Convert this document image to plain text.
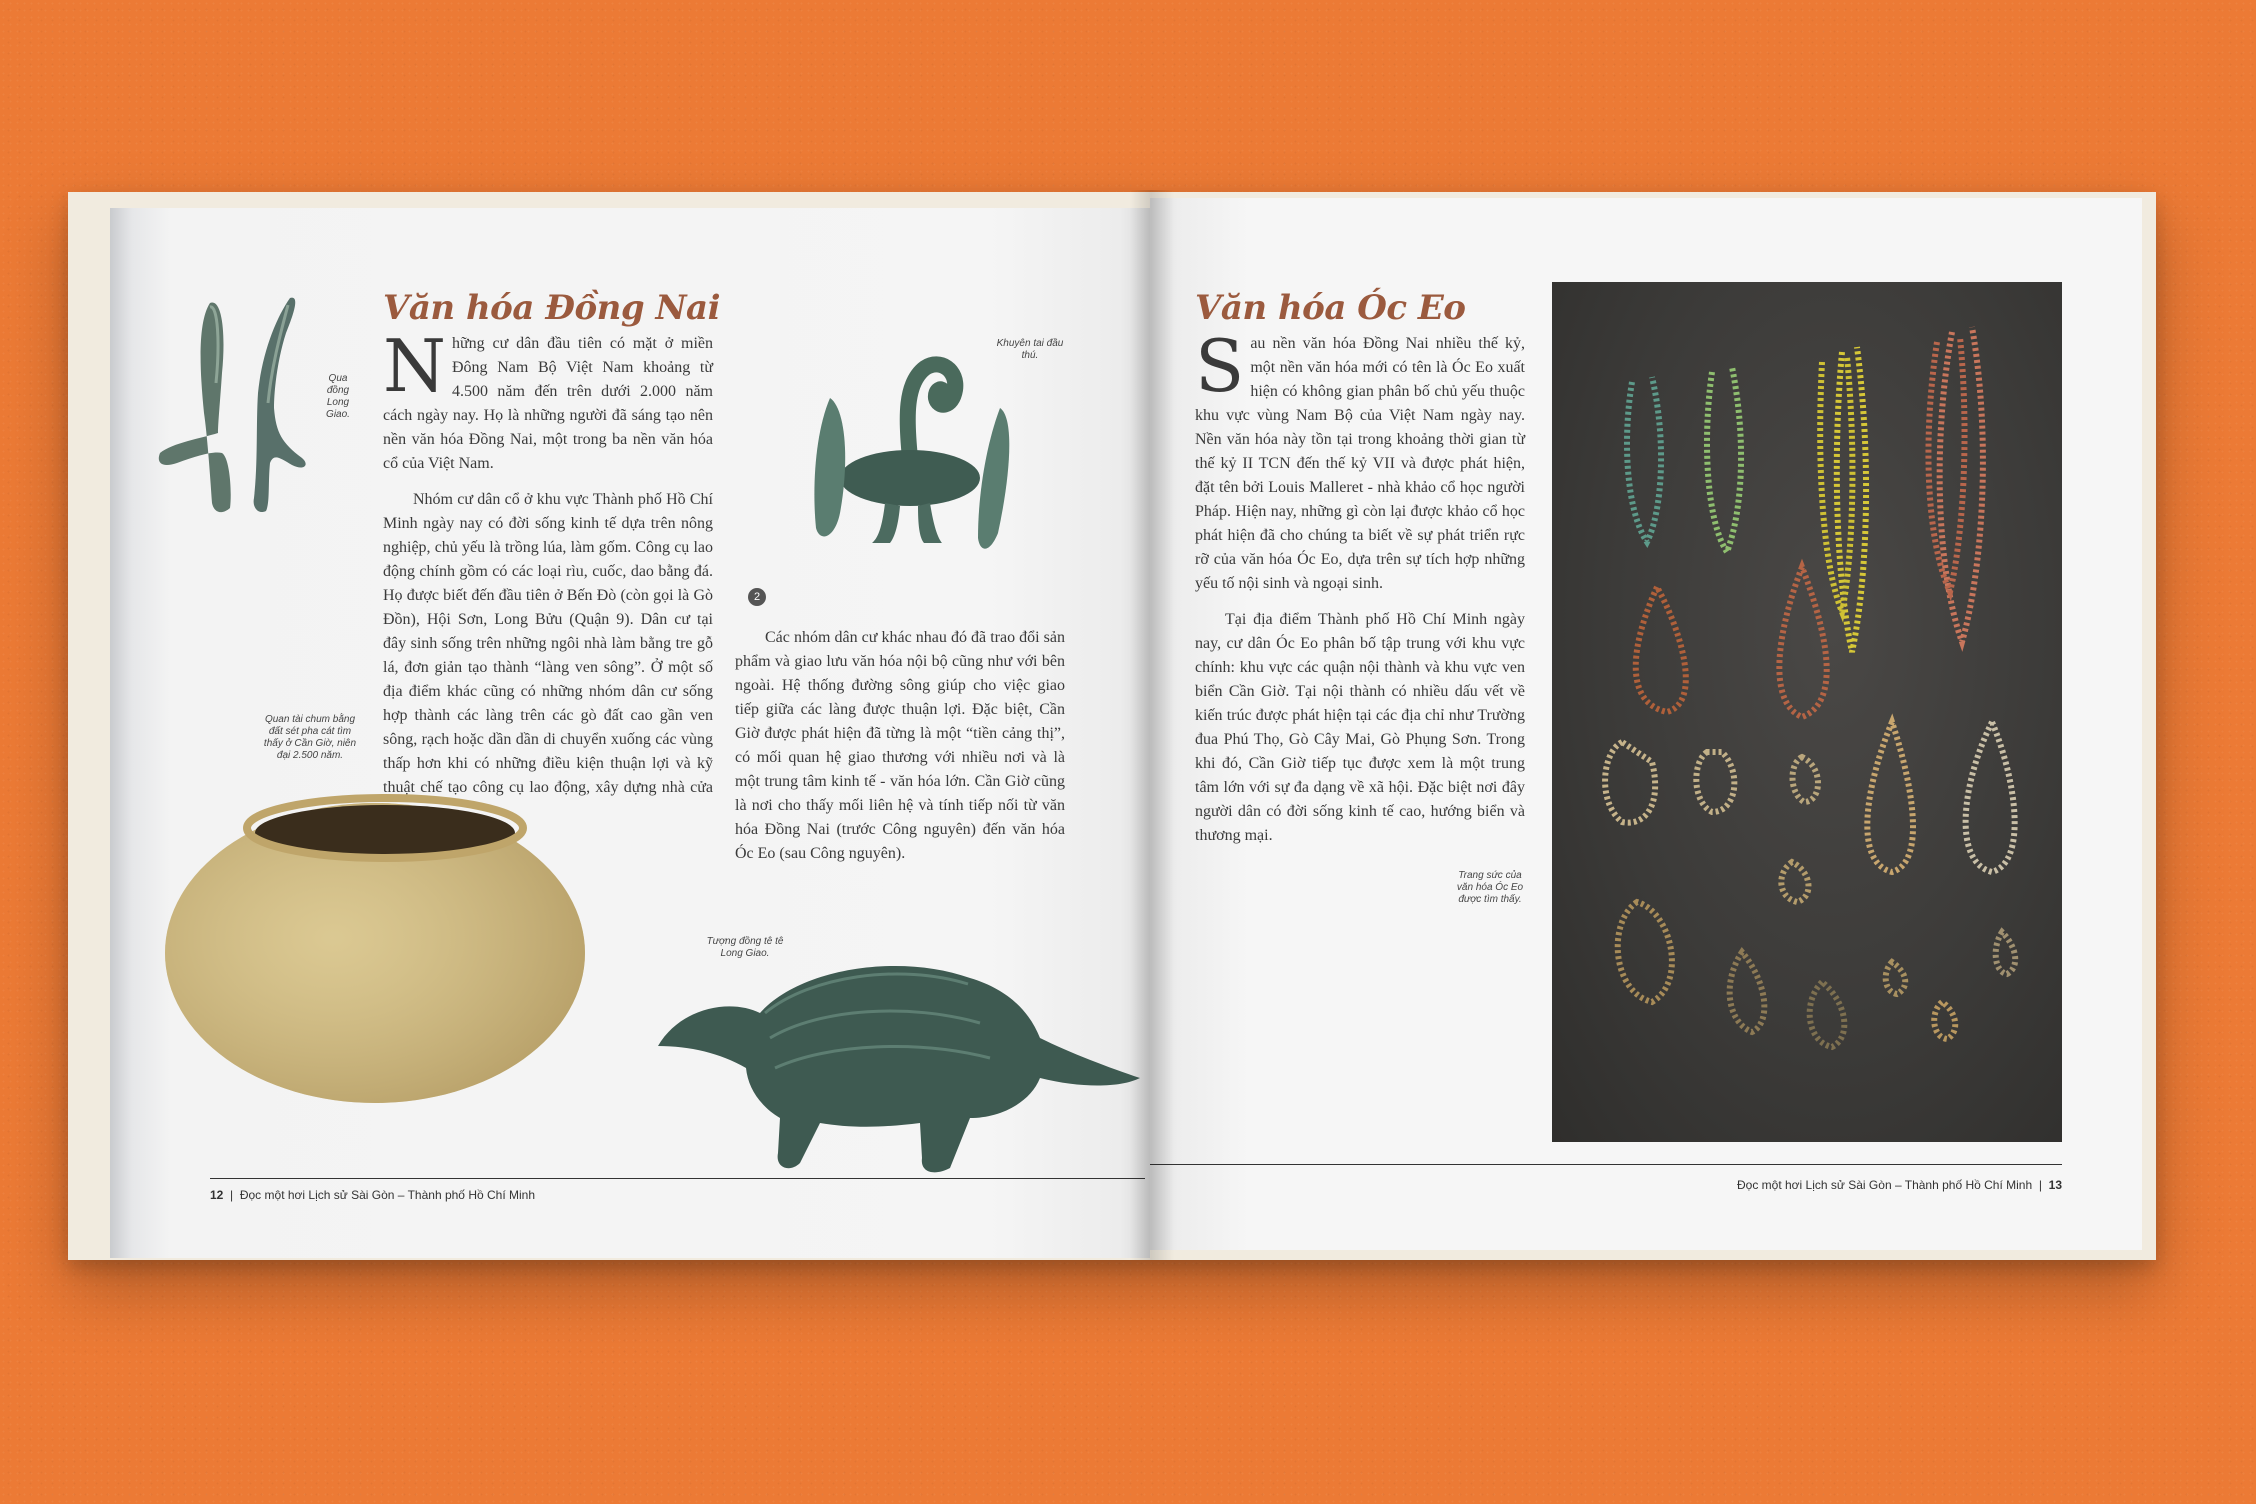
Qua đồng Long Giao.
Văn hóa Đồng Nai

Những cư dân đầu tiên có mặt ở miền Đông Nam Bộ Việt Nam khoảng từ 4.500 năm đến trên dưới 2.000 năm cách ngày nay. Họ là những người đã sáng tạo nên nền văn hóa Đồng Nai, một trong ba nền văn hóa cổ của Việt Nam.

Nhóm cư dân cổ ở khu vực Thành phố Hồ Chí Minh ngày nay có đời sống kinh tế dựa trên nông nghiệp, chủ yếu là trồng lúa, làm gốm. Công cụ lao động chính gồm có các loại rìu, cuốc, dao bằng đá. Họ được biết đến đầu tiên ở Bến Đò (còn gọi là Gò Đồn), Hội Sơn, Long Bửu (Quận 9). Dân cư tại đây sinh sống trên những ngôi nhà làm bằng tre gỗ lá, đơn giản tạo thành “làng ven sông”. Ở một số địa điểm khác cũng có những nhóm dân cư sống hợp thành các làng trên các gò đất cao gần ven sông, rạch hoặc dần dần di chuyển xuống các vùng thấp hơn khi có những điều kiện thuận lợi và kỹ thuật chế tạo công cụ lao động, xây dựng nhà cửa

Khuyên tai đầu thú.
2

Các nhóm dân cư khác nhau đó đã trao đổi sản phẩm và giao lưu văn hóa nội bộ cũng như với bên ngoài. Hệ thống đường sông giúp cho việc giao tiếp giữa các làng được thuận lợi. Đặc biệt, Cần Giờ được phát hiện đã từng là một “tiền cảng thị”, có mối quan hệ giao thương với nhiều nơi và là một trung tâm kinh tế - văn hóa lớn. Cần Giờ cũng là nơi cho thấy mối liên hệ và tính tiếp nối từ văn hóa Đồng Nai (trước Công nguyên) đến văn hóa Óc Eo (sau Công nguyên).

Quan tài chum bằng đất sét pha cát tìm thấy ở Cần Giờ, niên đại 2.500 năm.
Tượng đồng tê tê Long Giao.
12  |  Đọc một hơi Lịch sử Sài Gòn – Thành phố Hồ Chí Minh
Văn hóa Óc Eo

Sau nền văn hóa Đồng Nai nhiều thế kỷ, một nền văn hóa mới có tên là Óc Eo xuất hiện có không gian phân bố chủ yếu thuộc khu vực vùng Nam Bộ của Việt Nam ngày nay. Nền văn hóa này tồn tại trong khoảng thời gian từ thế kỷ II TCN đến thế kỷ VII và được phát hiện, đặt tên bởi Louis Malleret - nhà khảo cổ học người Pháp. Hiện nay, những gì còn lại được khảo cổ học phát hiện đã cho chúng ta biết về sự phát triển rực rỡ của văn hóa Óc Eo, dựa trên sự tích hợp những yếu tố nội sinh và ngoại sinh.

Tại địa điểm Thành phố Hồ Chí Minh ngày nay, cư dân Óc Eo phân bố tập trung với khu vực chính: khu vực các quận nội thành và khu vực ven biển Cần Giờ. Tại nội thành có nhiều dấu vết về kiến trúc được phát hiện tại các địa chỉ như Trường đua Phú Thọ, Gò Cây Mai, Gò Phụng Sơn. Trong khi đó, Cần Giờ tiếp tục được xem là một trung tâm lớn với sự đa dạng về xã hội. Đặc biệt nơi đây người dân có đời sống kinh tế cao, hướng biển và thương mại.

Trang sức của văn hóa Óc Eo được tìm thấy.
Đọc một hơi Lịch sử Sài Gòn – Thành phố Hồ Chí Minh  |  13
